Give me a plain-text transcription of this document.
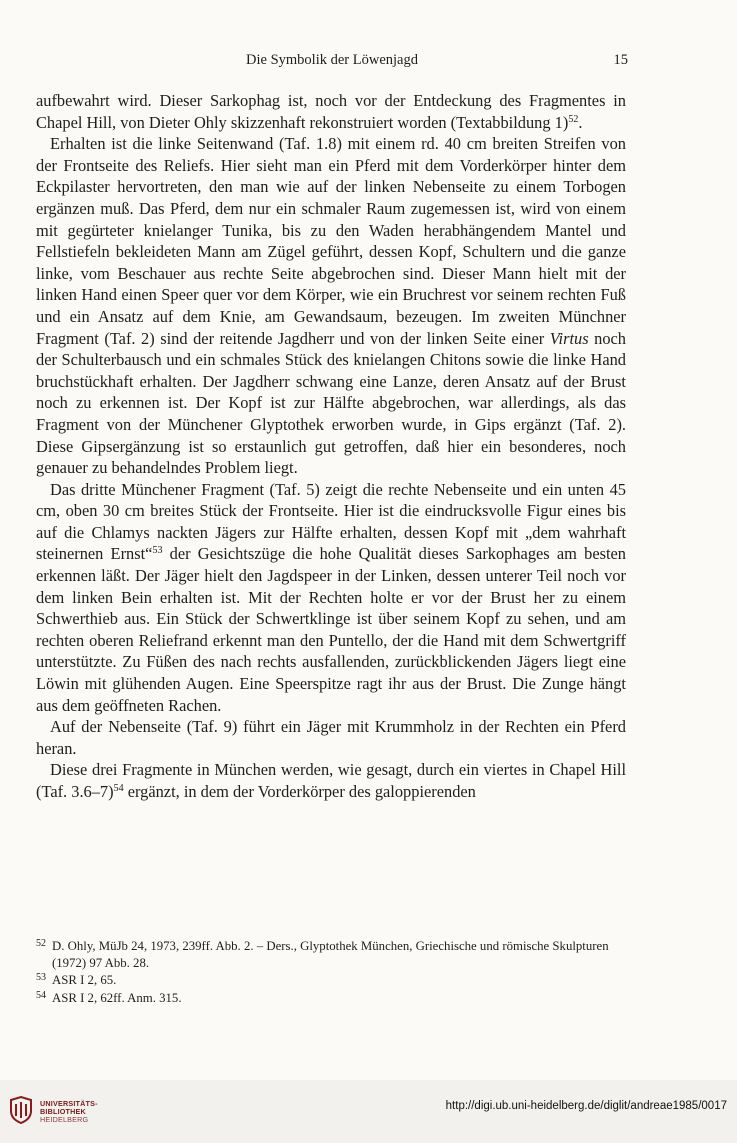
Die Symbolik der Löwenjagd	15

aufbewahrt wird. Dieser Sarkophag ist, noch vor der Entdeckung des Fragmentes in Chapel Hill, von Dieter Ohly skizzenhaft rekonstruiert worden (Textabbildung 1)$^{52}$.

Erhalten ist die linke Seitenwand (Taf. 1.8) mit einem rd. 40 cm breiten Streifen von der Frontseite des Reliefs. Hier sieht man ein Pferd mit dem Vorderkörper hinter dem Eckpilaster hervortreten, den man wie auf der linken Nebenseite zu einem Torbogen ergänzen muß. Das Pferd, dem nur ein schmaler Raum zugemessen ist, wird von einem mit gegürteter knielanger Tunika, bis zu den Waden herabhängendem Mantel und Fellstiefeln bekleideten Mann am Zügel geführt, dessen Kopf, Schultern und die ganze linke, vom Beschauer aus rechte Seite abgebrochen sind. Dieser Mann hielt mit der linken Hand einen Speer quer vor dem Körper, wie ein Bruchrest vor seinem rechten Fuß und ein Ansatz auf dem Knie, am Gewandsaum, bezeugen. Im zweiten Münchner Fragment (Taf. 2) sind der reitende Jagdherr und von der linken Seite einer Virtus noch der Schulterbausch und ein schmales Stück des knielangen Chitons sowie die linke Hand bruchstückhaft erhalten. Der Jagdherr schwang eine Lanze, deren Ansatz auf der Brust noch zu erkennen ist. Der Kopf ist zur Hälfte abgebrochen, war allerdings, als das Fragment von der Münchener Glyptothek erworben wurde, in Gips ergänzt (Taf. 2). Diese Gipsergänzung ist so erstaunlich gut getroffen, daß hier ein besonderes, noch genauer zu behandelndes Problem liegt.

Das dritte Münchener Fragment (Taf. 5) zeigt die rechte Nebenseite und ein unten 45 cm, oben 30 cm breites Stück der Frontseite. Hier ist die eindrucksvolle Figur eines bis auf die Chlamys nackten Jägers zur Hälfte erhalten, dessen Kopf mit „dem wahrhaft steinernen Ernst“$^{53}$ der Gesichtszüge die hohe Qualität dieses Sarkophages am besten erkennen läßt. Der Jäger hielt den Jagdspeer in der Linken, dessen unterer Teil noch vor dem linken Bein erhalten ist. Mit der Rechten holte er vor der Brust her zu einem Schwerthieb aus. Ein Stück der Schwertklinge ist über seinem Kopf zu sehen, und am rechten oberen Reliefrand erkennt man den Puntello, der die Hand mit dem Schwertgriff unterstützte. Zu Füßen des nach rechts ausfallenden, zurückblickenden Jägers liegt eine Löwin mit glühenden Augen. Eine Speerspitze ragt ihr aus der Brust. Die Zunge hängt aus dem geöffneten Rachen.

Auf der Nebenseite (Taf. 9) führt ein Jäger mit Krummholz in der Rechten ein Pferd heran.

Diese drei Fragmente in München werden, wie gesagt, durch ein viertes in Chapel Hill (Taf. 3.6–7)$^{54}$ ergänzt, in dem der Vorderkörper des galoppierenden

52 D. Ohly, MüJb 24, 1973, 239ff. Abb. 2. – Ders., Glyptothek München, Griechische und römische Skulpturen (1972) 97 Abb. 28.

53 ASR I 2, 65.

54 ASR I 2, 62ff. Anm. 315.

UNIVERSITÄTS-
BIBLIOTHEK
HEIDELBERG
http://digi.ub.uni-heidelberg.de/diglit/andreae1985/0017
